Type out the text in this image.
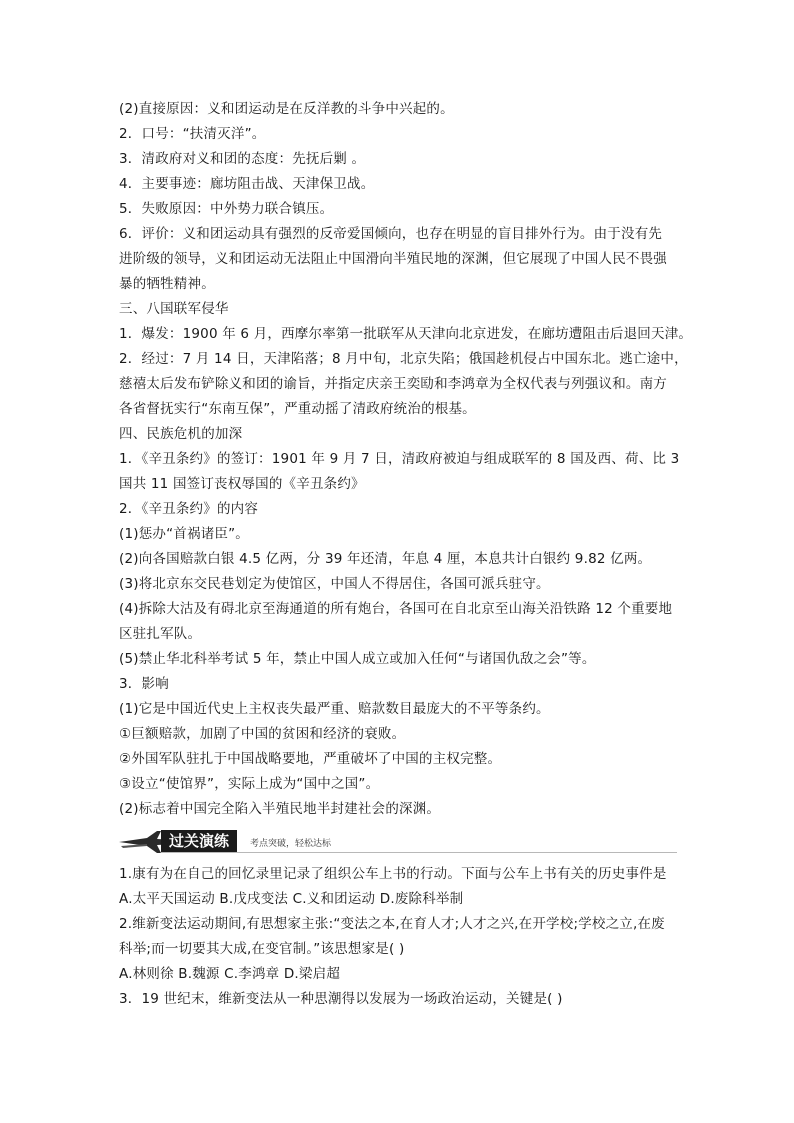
(2)直接原因：义和团运动是在反洋教的斗争中兴起的。
2．口号：“扶清灭洋”。
3．清政府对义和团的态度：先抚后剿 。
4．主要事迹：廊坊阻击战、天津保卫战。
5．失败原因：中外势力联合镇压。
6．评价：义和团运动具有强烈的反帝爱国倾向，也存在明显的盲目排外行为。由于没有先
进阶级的领导，义和团运动无法阻止中国滑向半殖民地的深渊，但它展现了中国人民不畏强
暴的牺牲精神。
三、八国联军侵华
1．爆发：1900 年 6 月，西摩尔率第一批联军从天津向北京进发，在廊坊遭阻击后退回天津。
2．经过：7 月 14 日，天津陷落；8 月中旬，北京失陷；俄国趁机侵占中国东北。逃亡途中，
慈禧太后发布铲除义和团的谕旨，并指定庆亲王奕劻和李鸿章为全权代表与列强议和。南方
各省督抚实行“东南互保”，严重动摇了清政府统治的根基。
四、民族危机的加深
1．《辛丑条约》的签订：1901 年 9 月 7 日，清政府被迫与组成联军的 8 国及西、荷、比 3
国共 11 国签订丧权辱国的《辛丑条约》
2．《辛丑条约》的内容
(1)惩办“首祸诸臣”。
(2)向各国赔款白银 4.5 亿两，分 39 年还清，年息 4 厘，本息共计白银约 9.82 亿两。
(3)将北京东交民巷划定为使馆区，中国人不得居住，各国可派兵驻守。
(4)拆除大沽及有碍北京至海通道的所有炮台，各国可在自北京至山海关沿铁路 12 个重要地
区驻扎军队。
(5)禁止华北科举考试 5 年，禁止中国人成立或加入任何“与诸国仇敌之会”等。
3．影响
(1)它是中国近代史上主权丧失最严重、赔款数目最庞大的不平等条约。
①巨额赔款，加剧了中国的贫困和经济的衰败。
②外国军队驻扎于中国战略要地，严重破坏了中国的主权完整。
③设立“使馆界”，实际上成为“国中之国”。
(2)标志着中国完全陷入半殖民地半封建社会的深渊。
过关演练	考点突破，轻松达标
1.康有为在自己的回忆录里记录了组织公车上书的行动。下面与公车上书有关的历史事件是
A.太平天国运动 B.戊戌变法 C.义和团运动 D.废除科举制
2.维新变法运动期间,有思想家主张:“变法之本,在育人才;人才之兴,在开学校;学校之立,在废
科举;而一切要其大成,在变官制。”该思想家是( )
A.林则徐 B.魏源 C.李鸿章 D.梁启超
3．19 世纪末，维新变法从一种思潮得以发展为一场政治运动，关键是( )
